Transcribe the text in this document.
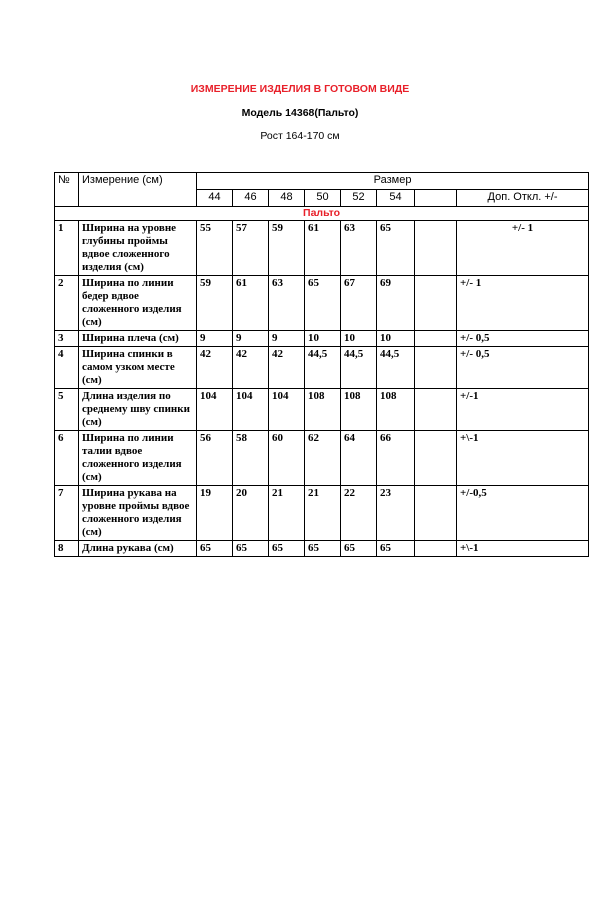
ИЗМЕРЕНИЕ ИЗДЕЛИЯ В ГОТОВОМ ВИДЕ
Модель 14368(Пальто)
Рост 164-170 см
№	Измерение (см)	Размер							
		44	46	48	50	52	54		Доп. Откл. +/-
Пальто									
1	Ширина на уровне глубины проймы вдвое сложенного изделия (см)	55	57	59	61	63	65		+/- 1
2	Ширина по линии бедер вдвое сложенного изделия (см)	59	61	63	65	67	69		+/- 1
3	Ширина плеча (см)	9	9	9	10	10	10		+/- 0,5
4	Ширина спинки в самом узком месте (см)	42	42	42	44,5	44,5	44,5		+/- 0,5
5	Длина изделия по среднему шву спинки (см)	104	104	104	108	108	108		+/-1
6	Ширина по линии талии вдвое сложенного изделия (см)	56	58	60	62	64	66		+\-1
7	Ширина рукава на уровне проймы вдвое сложенного изделия (см)	19	20	21	21	22	23		+/-0,5
8	Длина рукава (см)	65	65	65	65	65	65		+\-1
